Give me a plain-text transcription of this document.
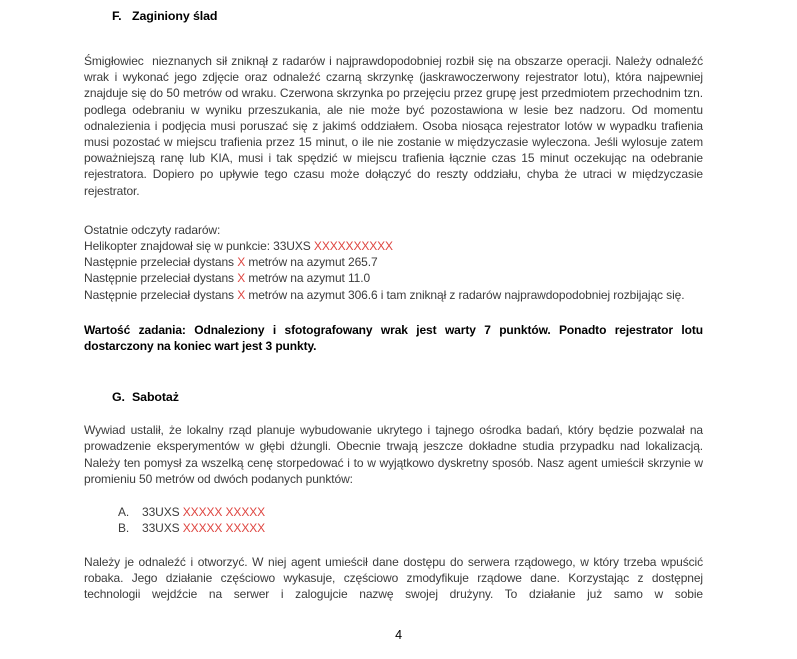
F. Zaginiony ślad

Śmigłowiec  nieznanych sił zniknął z radarów i najprawdopodobniej rozbił się na obszarze operacji. Należy odnaleźć wrak i wykonać jego zdjęcie oraz odnaleźć czarną skrzynkę (jaskrawoczerwony rejestrator lotu), która najpewniej znajduje się do 50 metrów od wraku. Czerwona skrzynka po przejęciu przez grupę jest przedmiotem przechodnim tzn. podlega odebraniu w wyniku przeszukania, ale nie może być pozostawiona w lesie bez nadzoru. Od momentu odnalezienia i podjęcia musi poruszać się z jakimś oddziałem. Osoba niosąca rejestrator lotów w wypadku trafienia musi pozostać w miejscu trafienia przez 15 minut, o ile nie zostanie w międzyczasie wyleczona. Jeśli wylosuje zatem poważniejszą ranę lub KIA, musi i tak spędzić w miejscu trafienia łącznie czas 15 minut oczekując na odebranie rejestratora. Dopiero po upływie tego czasu może dołączyć do reszty oddziału, chyba że utraci w międzyczasie rejestrator.

Ostatnie odczyty radarów:
Helikopter znajdował się w punkcie: 33UXS XXXXXXXXXX
Następnie przeleciał dystans X metrów na azymut 265.7
Następnie przeleciał dystans X metrów na azymut 11.0
Następnie przeleciał dystans X metrów na azymut 306.6 i tam zniknął z radarów najprawdopodobniej rozbijając się.

Wartość zadania: Odnaleziony i sfotografowany wrak jest warty 7 punktów. Ponadto rejestrator lotu dostarczony na koniec wart jest 3 punkty.

G. Sabotaż

Wywiad ustalił, że lokalny rząd planuje wybudowanie ukrytego i tajnego ośrodka badań, który będzie pozwalał na prowadzenie eksperymentów w głębi dżungli. Obecnie trwają jeszcze dokładne studia przypadku nad lokalizacją. Należy ten pomysł za wszelką cenę storpedować i to w wyjątkowo dyskretny sposób. Nasz agent umieścił skrzynie w promieniu 50 metrów od dwóch podanych punktów:

A. 33UXS XXXXX XXXXX
B. 33UXS XXXXX XXXXX

Należy je odnaleźć i otworzyć. W niej agent umieścił dane dostępu do serwera rządowego, w który trzeba wpuścić robaka. Jego działanie częściowo wykasuje, częściowo zmodyfikuje rządowe dane. Korzystając z dostępnej technologii wejdźcie na serwer i zalogujcie nazwę swojej drużyny. To działanie już samo w sobie

4
